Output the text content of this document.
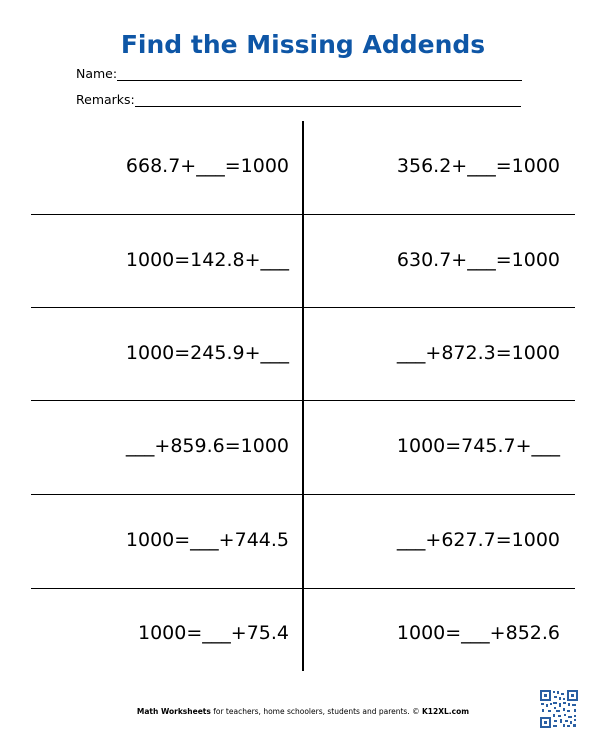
Find the Missing Addends
Name:
Remarks:
668.7+___=1000	356.2+___=1000
1000=142.8+___	630.7+___=1000
1000=245.9+___	___+872.3=1000
___+859.6=1000	1000=745.7+___
1000=___+744.5	___+627.7=1000
1000=___+75.4	1000=___+852.6
Math Worksheets for teachers, home schoolers, students and parents. © K12XL.com
